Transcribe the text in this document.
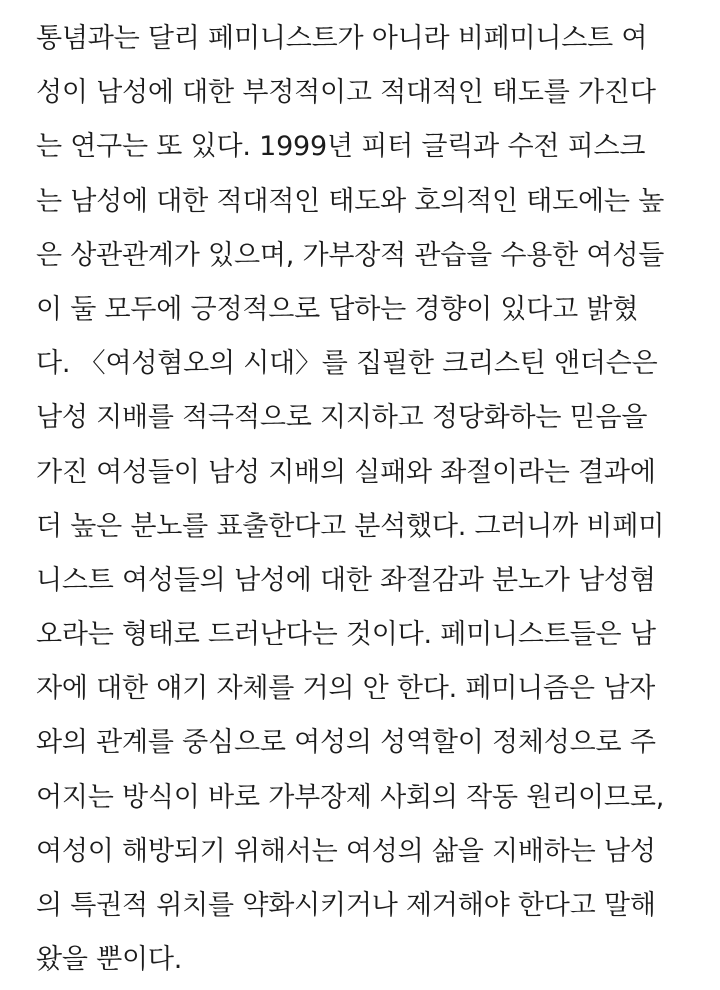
통념과는 달리 페미니스트가 아니라 비페미니스트 여
성이 남성에 대한 부정적이고 적대적인 태도를 가진다
는 연구는 또 있다. 1999년 피터 글릭과 수전 피스크
는 남성에 대한 적대적인 태도와 호의적인 태도에는 높
은 상관관계가 있으며, 가부장적 관습을 수용한 여성들
이 둘 모두에 긍정적으로 답하는 경향이 있다고 밝혔
다. 〈여성혐오의 시대〉를 집필한 크리스틴 앤더슨은
남성 지배를 적극적으로 지지하고 정당화하는 믿음을
가진 여성들이 남성 지배의 실패와 좌절이라는 결과에
더 높은 분노를 표출한다고 분석했다. 그러니까 비페미
니스트 여성들의 남성에 대한 좌절감과 분노가 남성혐
오라는 형태로 드러난다는 것이다. 페미니스트들은 남
자에 대한 얘기 자체를 거의 안 한다. 페미니즘은 남자
와의 관계를 중심으로 여성의 성역할이 정체성으로 주
어지는 방식이 바로 가부장제 사회의 작동 원리이므로,
여성이 해방되기 위해서는 여성의 삶을 지배하는 남성
의 특권적 위치를 약화시키거나 제거해야 한다고 말해
왔을 뿐이다.
